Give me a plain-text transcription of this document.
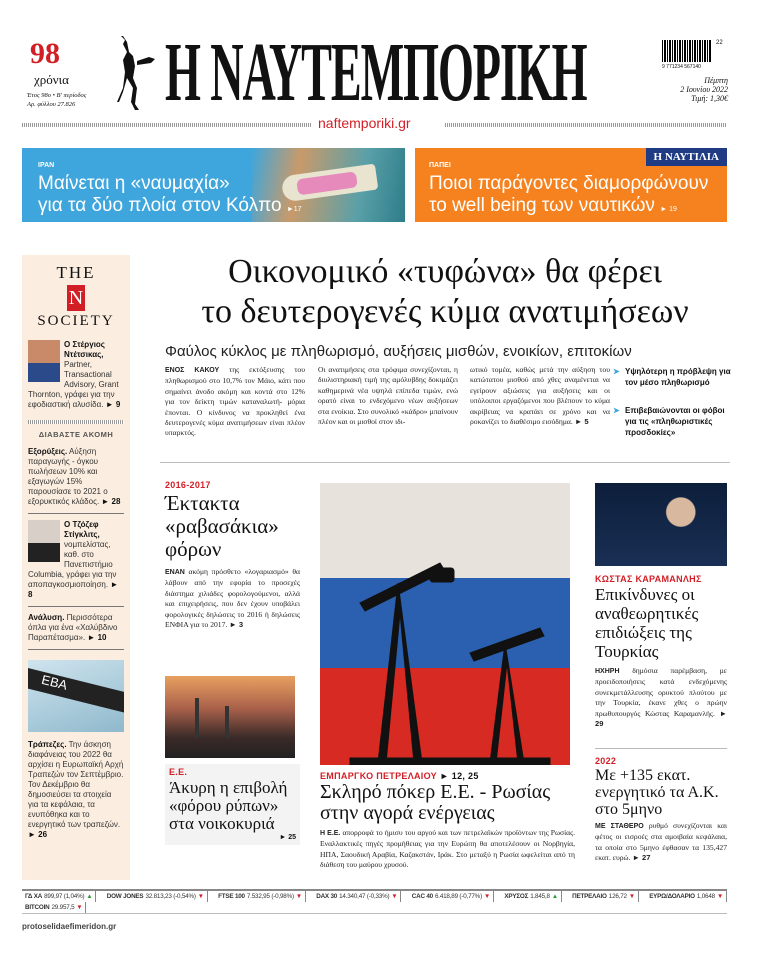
98
χρόνια
Έτος 98ο • Β' περίοδος
Αρ. φύλλου 27.826 Η ΝΑΥΤΕΜΠΟΡΙΚΗ	22
9 771234 567140
Πέμπτη
2 Ιουνίου 2022
Τιμή: 1,30€
naftemporiki.gr
ΙΡΑΝ
Μαίνεται η «ναυμαχία»
για τα δύο πλοία στον Κόλπο ►17
Η ΝΑΥΤΙΛΙΑ
ΠΑΠΕΙ
Ποιοι παράγοντες διαμορφώνουν
το well being των ναυτικών ► 19
THE
N
SOCIETY
Ο Στέργιος Ντέτσικας, Partner, Transactional Advisory, Grant Thornton, γράφει για την εφοδιαστική αλυσίδα. ► 9
ΔΙΑΒΑΣΤΕ ΑΚΟΜΗ
Εξορύξεις. Αύξηση παραγωγής - όγκου πωλήσεων 10% και εξαγωγών 15% παρουσίασε το 2021 ο εξορυκτικός κλάδος. ► 28
Ο Τζόζεφ Στίγκλιτς, νομπελίστας, καθ. στο Πανεπιστήμιο Columbia, γράφει για την αποπαγκοσμιοποίηση. ► 8
Ανάλυση. Περισσότερα όπλα για ένα «Χαλύβδινο Παραπέτασμα». ► 10
EBA
Τράπεζες. Την άσκηση διαφάνειας του 2022 θα αρχίσει η Ευρωπαϊκή Αρχή Τραπεζών τον Σεπτέμβριο. Τον Δεκέμβριο θα δημοσιεύσει τα στοιχεία για τα κεφάλαια, τα ενυπόθηκα και το ενεργητικό των τραπεζών. ► 26
Οικονομικό «τυφώνα» θα φέρει
το δευτερογενές κύμα ανατιμήσεων
Φαύλος κύκλος με πληθωρισμό, αυξήσεις μισθών, ενοικίων, επιτοκίων
ΕΝΟΣ ΚΑΚΟΥ της εκτόξευσης του πληθωρισμού στο 10,7% τον Μάιο, κάτι που σημαίνει άνοδο ακόμη και κοντά στο 12% για τον δείκτη τιμών καταναλωτή- μόρια έπονται. Ο κίνδυνος να προκληθεί ένα δευτερογενές κύμα ανατιμήσεων είναι πλέον υπαρκτός.
Οι ανατιμήσεις στα τρόφιμα συνεχίζονται, η διυλιστηριακή τιμή της αμόλυβδης δοκιμάζει καθημερινά νέα υψηλά επίπεδα τιμών, ενώ ορατό είναι το ενδεχόμενο νέων αυξήσεων στα ενοίκια. Στο συνολικό «κάδρο» μπαίνουν πλέον και οι μισθοί στον ιδι-
ωτικό τομέα, καθώς μετά την αύξηση του κατώτατου μισθού από χθες αναμένεται να εγείρουν αξιώσεις για αυξήσεις και οι υπόλοιποι εργαζόμενοι που βλέπουν το κύμα ακρίβειας να κρατάει σε χρόνο και να ροκανίζει το διαθέσιμο εισόδημα. ► 5
➤ Υψηλότερη η πρόβλεψη για τον μέσο πληθωρισμό
➤ Επιβεβαιώνονται οι φόβοι για τις «πληθωριστικές προσδοκίες»
2016-2017
Έκτακτα «ραβασάκια» φόρων
ΕΝΑΝ ακόμη πρόσθετο «λογαριασμό» θα λάβουν από την εφορία το προσεχές διάστημα χιλιάδες φορολογούμενοι, αλλά και επιχειρήσεις, που δεν έχουν υποβάλει φορολογικές δηλώσεις το 2016 ή δηλώσεις ΕΝΦΙΑ για το 2017. ► 3
Ε.Ε.
Άκυρη η επιβολή «φόρου ρύπων» στα νοικοκυριά
► 25
ΕΜΠΑΡΓΚΟ ΠΕΤΡΕΛΑΙΟΥ ► 12, 25
Σκληρό πόκερ Ε.Ε. - Ρωσίας
στην αγορά ενέργειας
Η Ε.Ε. απορροφά το ήμισυ του αργού και των πετρελαϊκών προϊόντων της Ρωσίας. Εναλλακτικές πηγές προμήθειας για την Ευρώπη θα αποτελέσουν οι Νορβηγία, ΗΠΑ, Σαουδική Αραβία, Καζακστάν, Ιράκ. Στο μεταξύ η Ρωσία ωφελείται από τη διάθεση του μαύρου χρυσού.
ΚΩΣΤΑΣ ΚΑΡΑΜΑΝΛΗΣ
Επικίνδυνες οι αναθεωρητικές επιδιώξεις της Τουρκίας
ΗΧΗΡΗ δημόσια παρέμβαση, με προειδοποιήσεις κατά ενδεχόμενης συνεκμετάλλευσης ορυκτού πλούτου με την Τουρκία, έκανε χθες ο πρώην πρωθυπουργός Κώστας Καραμανλής. ► 29
2022
Με +135 εκατ. ενεργητικό τα Α.Κ. στο 5μηνο
ΜΕ ΣΤΑΘΕΡΟ ρυθμό συνεχίζονται και φέτος οι εισροές στα αμοιβαία κεφάλαια, τα οποία στο 5μηνο έφθασαν τα 135,427 εκατ. ευρώ. ► 27
ΓΔ ΧΑ 899,97 (1,04%) ▲ DOW JONES 32.813,23 (-0,54%) ▼ FTSE 100 7.532,95 (-0,98%) ▼ DAX 30 14.340,47 (-0,33%) ▼ CAC 40 6.418,89 (-0,77%) ▼ ΧΡΥΣΟΣ 1.845,8 ▲ ΠΕΤΡΕΛΑΙΟ 126,72 ▼ ΕΥΡΩ/ΔΟΛΑΡΙΟ 1,0648 ▼
BITCOIN 29.957,5 ▼
protoselidaefimeridon.gr
